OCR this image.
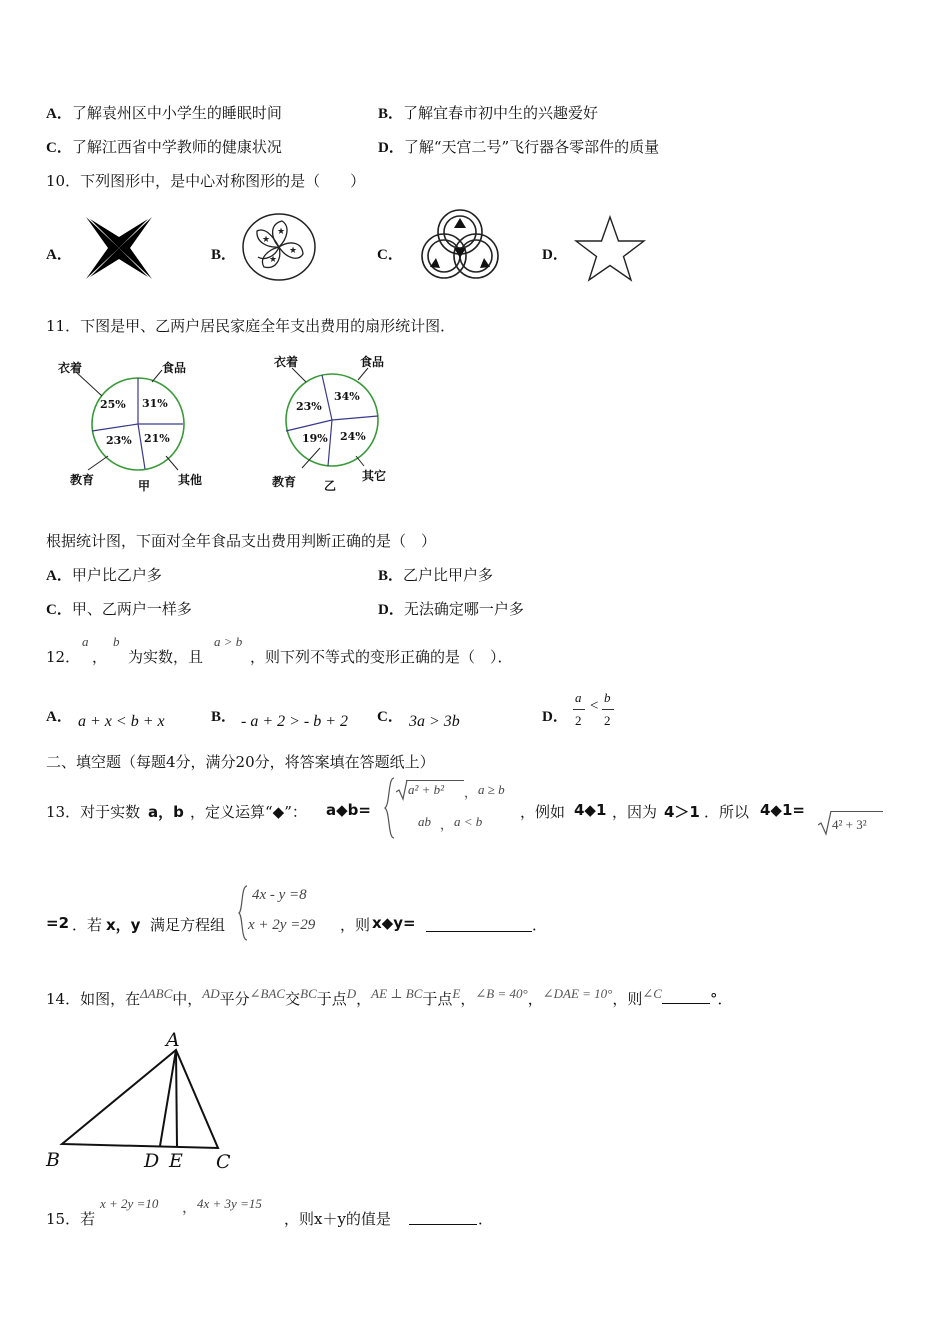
A．了解袁州区中小学生的睡眠时间	B．了解宜春市初中生的兴趣爱好
C．了解江西省中学教师的健康状况	D．了解“天宫二号”飞行器各零部件的质量
10．下列图形中，是中心对称图形的是（　　）
A．	B．
★
★
★
★
C．	D．
11．下图是甲、乙两户居民家庭全年支出费用的扇形统计图．
衣着	食品
教育	其他
甲
25% 31%
23% 21%
衣着	食品
教育	其它
乙
23%
34%
19% 24%
根据统计图，下面对全年食品支出费用判断正确的是（　）
A．甲户比乙户多	B．乙户比甲户多
C．甲、乙两户一样多	D．无法确定哪一户多
12．
a
，
b
为实数，且
a > b
，则下列不等式的变形正确的是（　）．
A． a + x < b + x	B． - a + 2 > - b + 2 C． 3a > 3b	D．
a
2
<
b
2
二、填空题（每题4分，满分20分，将答案填在答题纸上）
13．对于实数 a，b ，定义运算“◆”： a◆b=
a² + b² ， a ≥ b
ab ， a < b
，例如 4◆1 ，因为 4＞1 ．所以 4◆1=
4² + 3²
=2 ．若 x，y 满足方程组
4x - y =8
x + 2y =29 ，则 x◆y=	．
14．如图，在ΔABC中，AD平分∠BAC交BC于点D，AE ⊥ BC于点E，∠B = 40°，∠DAE = 10°，则∠C	°．
A
B	D E C
15．若
x + 2y =10 ， 4x + 3y =15
，则x＋y的值是	．
